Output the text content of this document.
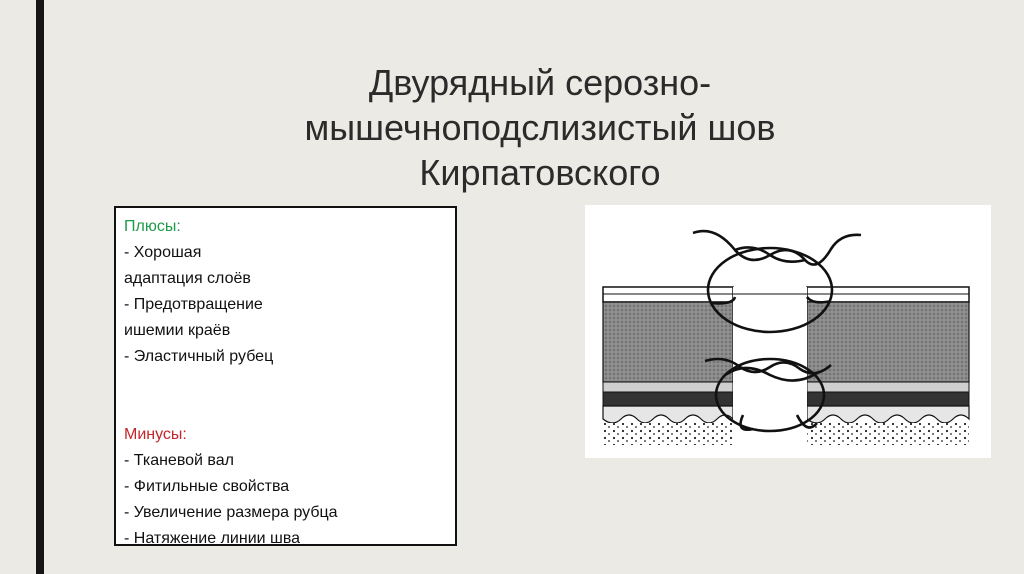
Двурядный серозно-
мышечноподслизистый шов
Кирпатовского
Плюсы:
- Хорошая
адаптация слоёв
- Предотвращение
ишемии краёв
- Эластичный рубец
Минусы:
- Тканевой вал
- Фитильные свойства
- Увеличение размера рубца
- Натяжение линии шва
